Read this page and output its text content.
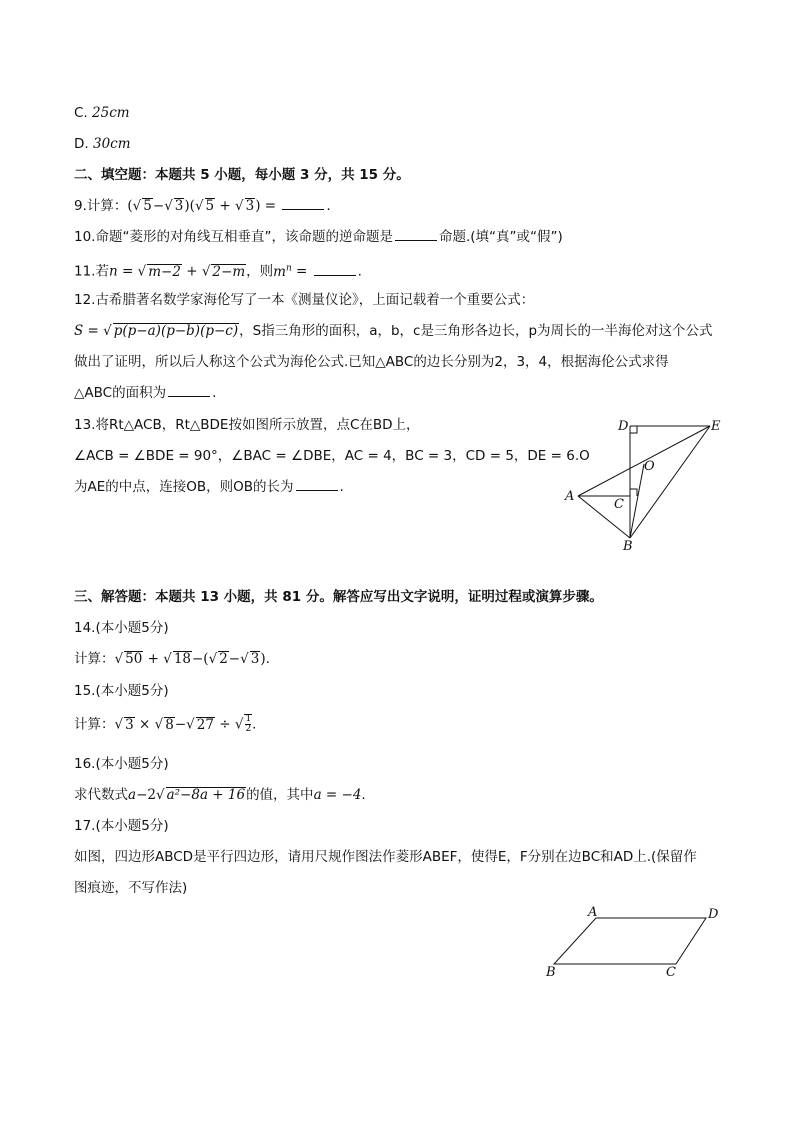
C. 25cm
D. 30cm
二、填空题：本题共 5 小题，每小题 3 分，共 15 分。
9.计算：(√ 5−√ 3)(√ 5 + √ 3) =	.
10.命题“菱形的对角线互相垂直”，该命题的逆命题是	命题.(填“真”或“假”)
11.若n = √ m−2 + √ 2−m，则$m^n$ =	.
12.古希腊著名数学家海伦写了一本《测量仪论》，上面记载着一个重要公式：
S = √ p(p−a)(p−b)(p−c)，S指三角形的面积，a，b，c是三角形各边长，p为周长的一半海伦对这个公式
做出了证明，所以后人称这个公式为海伦公式.已知△ABC的边长分别为2，3，4，根据海伦公式求得
△ABC的面积为	.
13.将Rt△ACB，Rt△BDE按如图所示放置，点C在BD上，
∠ACB = ∠BDE = 90°，∠BAC = ∠DBE，AC = 4，BC = 3，CD = 5，DE = 6.O
为AE的中点，连接OB，则OB的长为	.
D	E
O
A
C
B
三、解答题：本题共 13 小题，共 81 分。解答应写出文字说明，证明过程或演算步骤。
14.(本小题5分)
计算：√ 50 + √ 18−(√ 2−√ 3).
15.(本小题5分)
计算：√ 3 × √ 8−√ 27 ÷ √ $\frac{1}{2}$ .
16.(本小题5分)
求代数式a−2√ a²−8a + 16的值，其中a = −4.
17.(本小题5分)
如图，四边形ABCD是平行四边形，请用尺规作图法作菱形ABEF，使得E，F分别在边BC和AD上.(保留作
图痕迹，不写作法)
A	D
B	C
